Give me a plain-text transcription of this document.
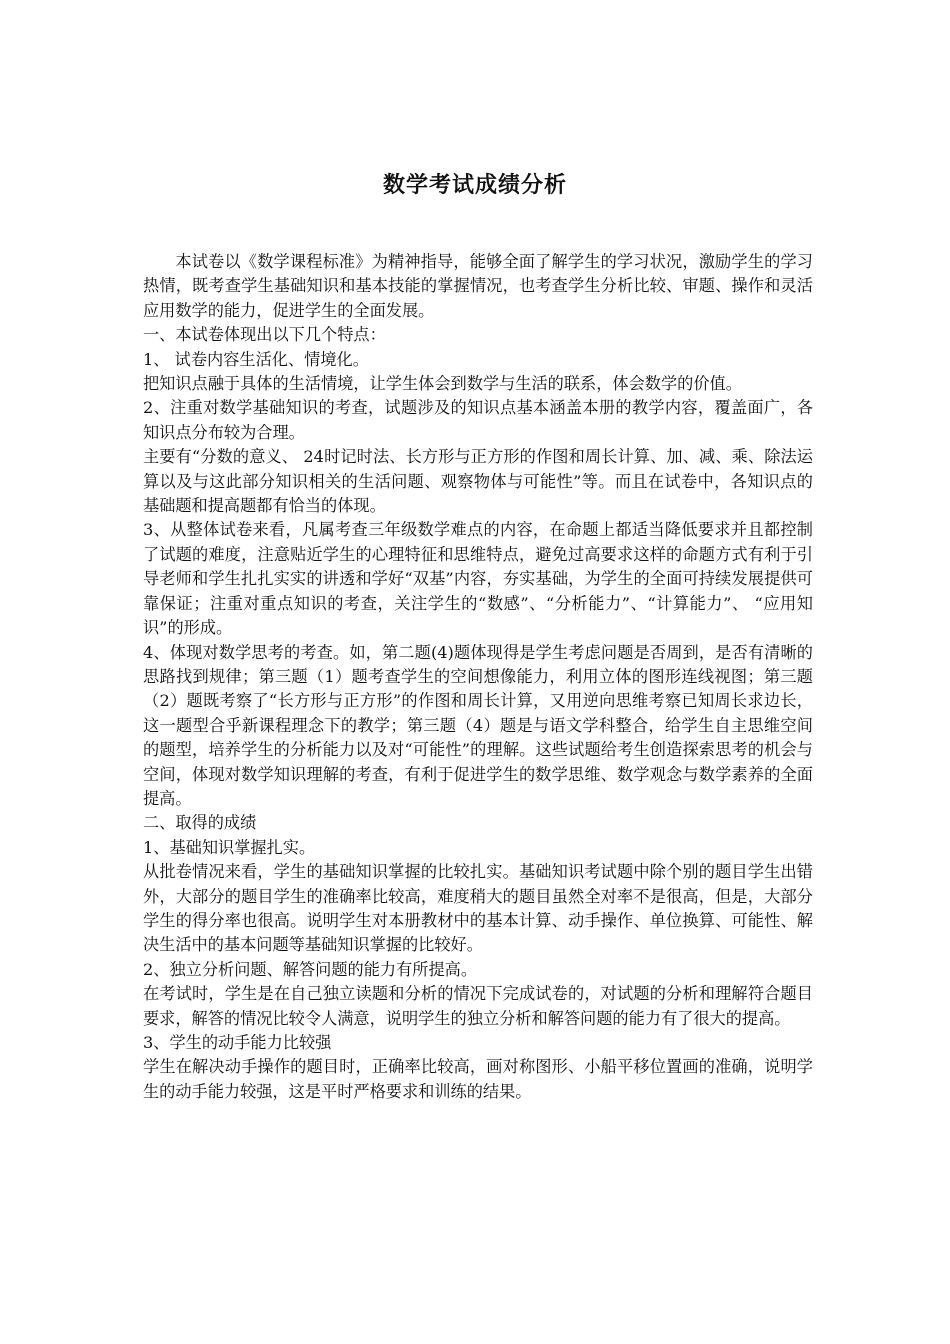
数学考试成绩分析

本试卷以《数学课程标准》为精神指导，能够全面了解学生的学习状况，激励学生的学习热情，既考查学生基础知识和基本技能的掌握情况，也考查学生分析比较、审题、操作和灵活应用数学的能力，促进学生的全面发展。

一、本试卷体现出以下几个特点：

1、 试卷内容生活化、情境化。

把知识点融于具体的生活情境，让学生体会到数学与生活的联系，体会数学的价值。

2、注重对数学基础知识的考查，试题涉及的知识点基本涵盖本册的教学内容，覆盖面广，各知识点分布较为合理。

主要有“分数的意义、 24时记时法、长方形与正方形的作图和周长计算、加、减、乘、除法运算以及与这此部分知识相关的生活问题、观察物体与可能性”等。而且在试卷中，各知识点的基础题和提高题都有恰当的体现。

3、从整体试卷来看，凡属考查三年级数学难点的内容，在命题上都适当降低要求并且都控制了试题的难度，注意贴近学生的心理特征和思维特点，避免过高要求这样的命题方式有利于引导老师和学生扎扎实实的讲透和学好“双基”内容，夯实基础，为学生的全面可持续发展提供可靠保证；注重对重点知识的考查，关注学生的“数感”、“分析能力”、“计算能力”、 “应用知识”的形成。

4、体现对数学思考的考查。如，第二题(4)题体现得是学生考虑问题是否周到，是否有清晰的思路找到规律；第三题（1）题考查学生的空间想像能力，利用立体的图形连线视图；第三题（2）题既考察了“长方形与正方形”的作图和周长计算，又用逆向思维考察已知周长求边长，这一题型合乎新课程理念下的教学；第三题（4）题是与语文学科整合，给学生自主思维空间的题型，培养学生的分析能力以及对“可能性”的理解。这些试题给考生创造探索思考的机会与空间，体现对数学知识理解的考查，有利于促进学生的数学思维、数学观念与数学素养的全面提高。

二、取得的成绩

1、基础知识掌握扎实。

从批卷情况来看，学生的基础知识掌握的比较扎实。基础知识考试题中除个别的题目学生出错外，大部分的题目学生的准确率比较高，难度稍大的题目虽然全对率不是很高，但是，大部分学生的得分率也很高。说明学生对本册教材中的基本计算、动手操作、单位换算、可能性、解决生活中的基本问题等基础知识掌握的比较好。

2、独立分析问题、解答问题的能力有所提高。

在考试时，学生是在自己独立读题和分析的情况下完成试卷的，对试题的分析和理解符合题目要求，解答的情况比较令人满意，说明学生的独立分析和解答问题的能力有了很大的提高。

3、学生的动手能力比较强

学生在解决动手操作的题目时，正确率比较高，画对称图形、小船平移位置画的准确，说明学生的动手能力较强，这是平时严格要求和训练的结果。
